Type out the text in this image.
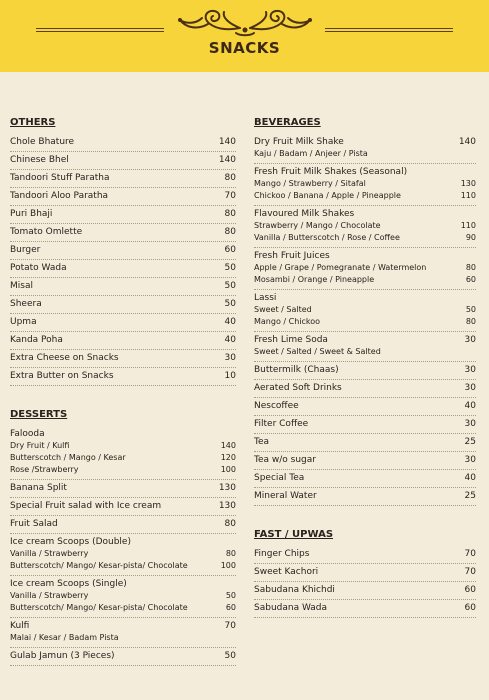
SNACKS
OTHERS
Chole Bhature	140
Chinese Bhel	140
Tandoori Stuff Paratha	80
Tandoori Aloo Paratha	70
Puri Bhaji	80
Tomato Omlette	80
Burger	60
Potato Wada	50
Misal	50
Sheera	50
Upma	40
Kanda Poha	40
Extra Cheese on Snacks	30
Extra Butter on Snacks	10
DESSERTS
Falooda
Dry Fruit / Kulfi	140
Butterscotch / Mango / Kesar	120
Rose /Strawberry	100
Banana Split	130
Special Fruit salad with Ice cream	130
Fruit Salad	80
Ice cream Scoops (Double)
Vanilla / Strawberry	80
Butterscotch/ Mango/ Kesar-pista/ Chocolate	100
Ice cream Scoops (Single)
Vanilla / Strawberry	50
Butterscotch/ Mango/ Kesar-pista/ Chocolate	60
Kulfi	70
Malai / Kesar / Badam Pista
Gulab Jamun (3 Pieces)	50
BEVERAGES
Dry Fruit Milk Shake	140
Kaju / Badam / Anjeer / Pista
Fresh Fruit Milk Shakes (Seasonal)
Mango / Strawberry / Sitafal	130
Chickoo / Banana / Apple / Pineapple	110
Flavoured Milk Shakes
Strawberry / Mango / Chocolate	110
Vanilla / Butterscotch / Rose / Coffee	90
Fresh Fruit Juices
Apple / Grape / Pomegranate / Watermelon	80
Mosambi / Orange / Pineapple	60
Lassi
Sweet / Salted	50
Mango / Chickoo	80
Fresh Lime Soda	30
Sweet / Salted / Sweet & Salted
Buttermilk (Chaas)	30
Aerated Soft Drinks	30
Nescoffee	40
Filter Coffee	30
Tea	25
Tea w/o sugar	30
Special Tea	40
Mineral Water	25
FAST / UPWAS
Finger Chips	70
Sweet Kachori	70
Sabudana Khichdi	60
Sabudana Wada	60
